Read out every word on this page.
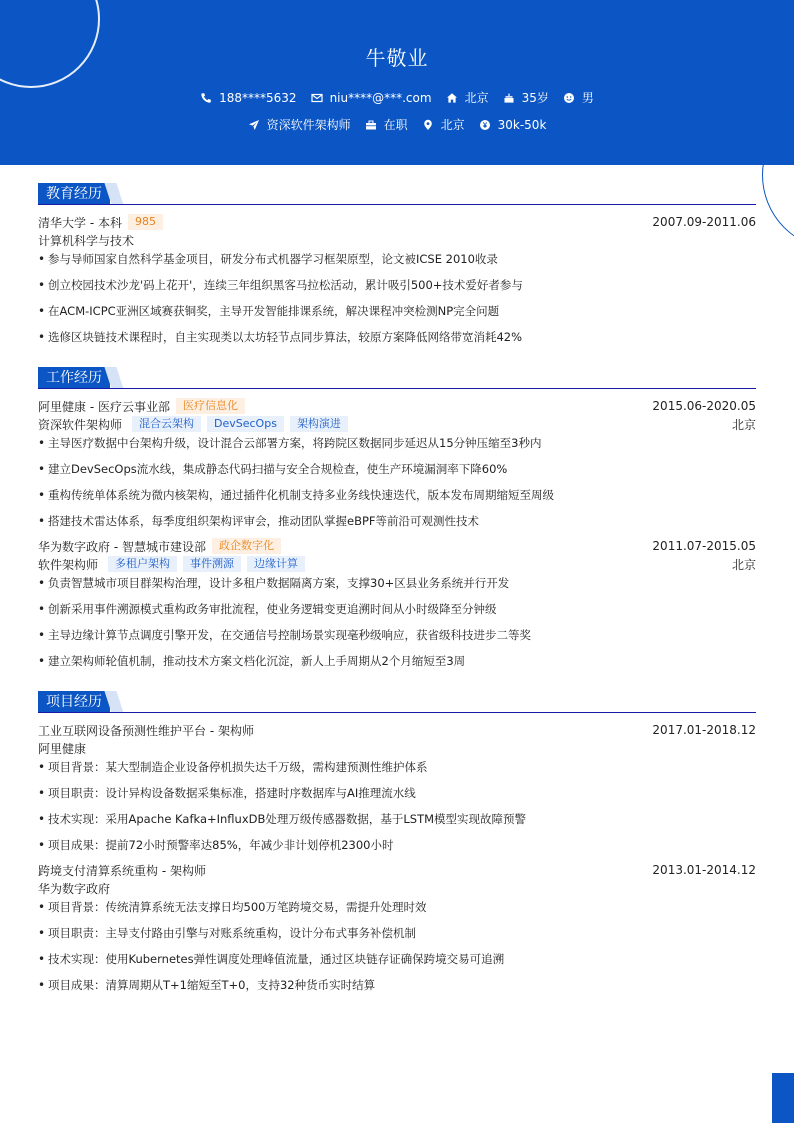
牛敬业
188****5632	niu****@***.com	北京	35岁	男
资深软件架构师	在职	北京	30k-50k
教育经历
清华大学 - 本科	985	2007.09-2011.06
计算机科学与技术
• 参与导师国家自然科学基金项目，研发分布式机器学习框架原型，论文被ICSE 2010收录
• 创立校园技术沙龙'码上花开'，连续三年组织黑客马拉松活动，累计吸引500+技术爱好者参与
• 在ACM-ICPC亚洲区域赛获铜奖，主导开发智能排课系统，解决课程冲突检测NP完全问题
• 选修区块链技术课程时，自主实现类以太坊轻节点同步算法，较原方案降低网络带宽消耗42%
工作经历
阿里健康 - 医疗云事业部	医疗信息化	2015.06-2020.05
资深软件架构师	混合云架构	DevSecOps	架构演进	北京
• 主导医疗数据中台架构升级，设计混合云部署方案，将跨院区数据同步延迟从15分钟压缩至3秒内
• 建立DevSecOps流水线，集成静态代码扫描与安全合规检查，使生产环境漏洞率下降60%
• 重构传统单体系统为微内核架构，通过插件化机制支持多业务线快速迭代，版本发布周期缩短至周级
• 搭建技术雷达体系，每季度组织架构评审会，推动团队掌握eBPF等前沿可观测性技术
华为数字政府 - 智慧城市建设部	政企数字化	2011.07-2015.05
软件架构师	多租户架构	事件溯源	边缘计算	北京
• 负责智慧城市项目群架构治理，设计多租户数据隔离方案，支撑30+区县业务系统并行开发
• 创新采用事件溯源模式重构政务审批流程，使业务逻辑变更追溯时间从小时级降至分钟级
• 主导边缘计算节点调度引擎开发，在交通信号控制场景实现毫秒级响应，获省级科技进步二等奖
• 建立架构师轮值机制，推动技术方案文档化沉淀，新人上手周期从2个月缩短至3周
项目经历
工业互联网设备预测性维护平台 - 架构师	2017.01-2018.12
阿里健康
• 项目背景：某大型制造企业设备停机损失达千万级，需构建预测性维护体系
• 项目职责：设计异构设备数据采集标准，搭建时序数据库与AI推理流水线
• 技术实现：采用Apache Kafka+InfluxDB处理万级传感器数据，基于LSTM模型实现故障预警
• 项目成果：提前72小时预警率达85%，年减少非计划停机2300小时
跨境支付清算系统重构 - 架构师	2013.01-2014.12
华为数字政府
• 项目背景：传统清算系统无法支撑日均500万笔跨境交易，需提升处理时效
• 项目职责：主导支付路由引擎与对账系统重构，设计分布式事务补偿机制
• 技术实现：使用Kubernetes弹性调度处理峰值流量，通过区块链存证确保跨境交易可追溯
• 项目成果：清算周期从T+1缩短至T+0，支持32种货币实时结算
